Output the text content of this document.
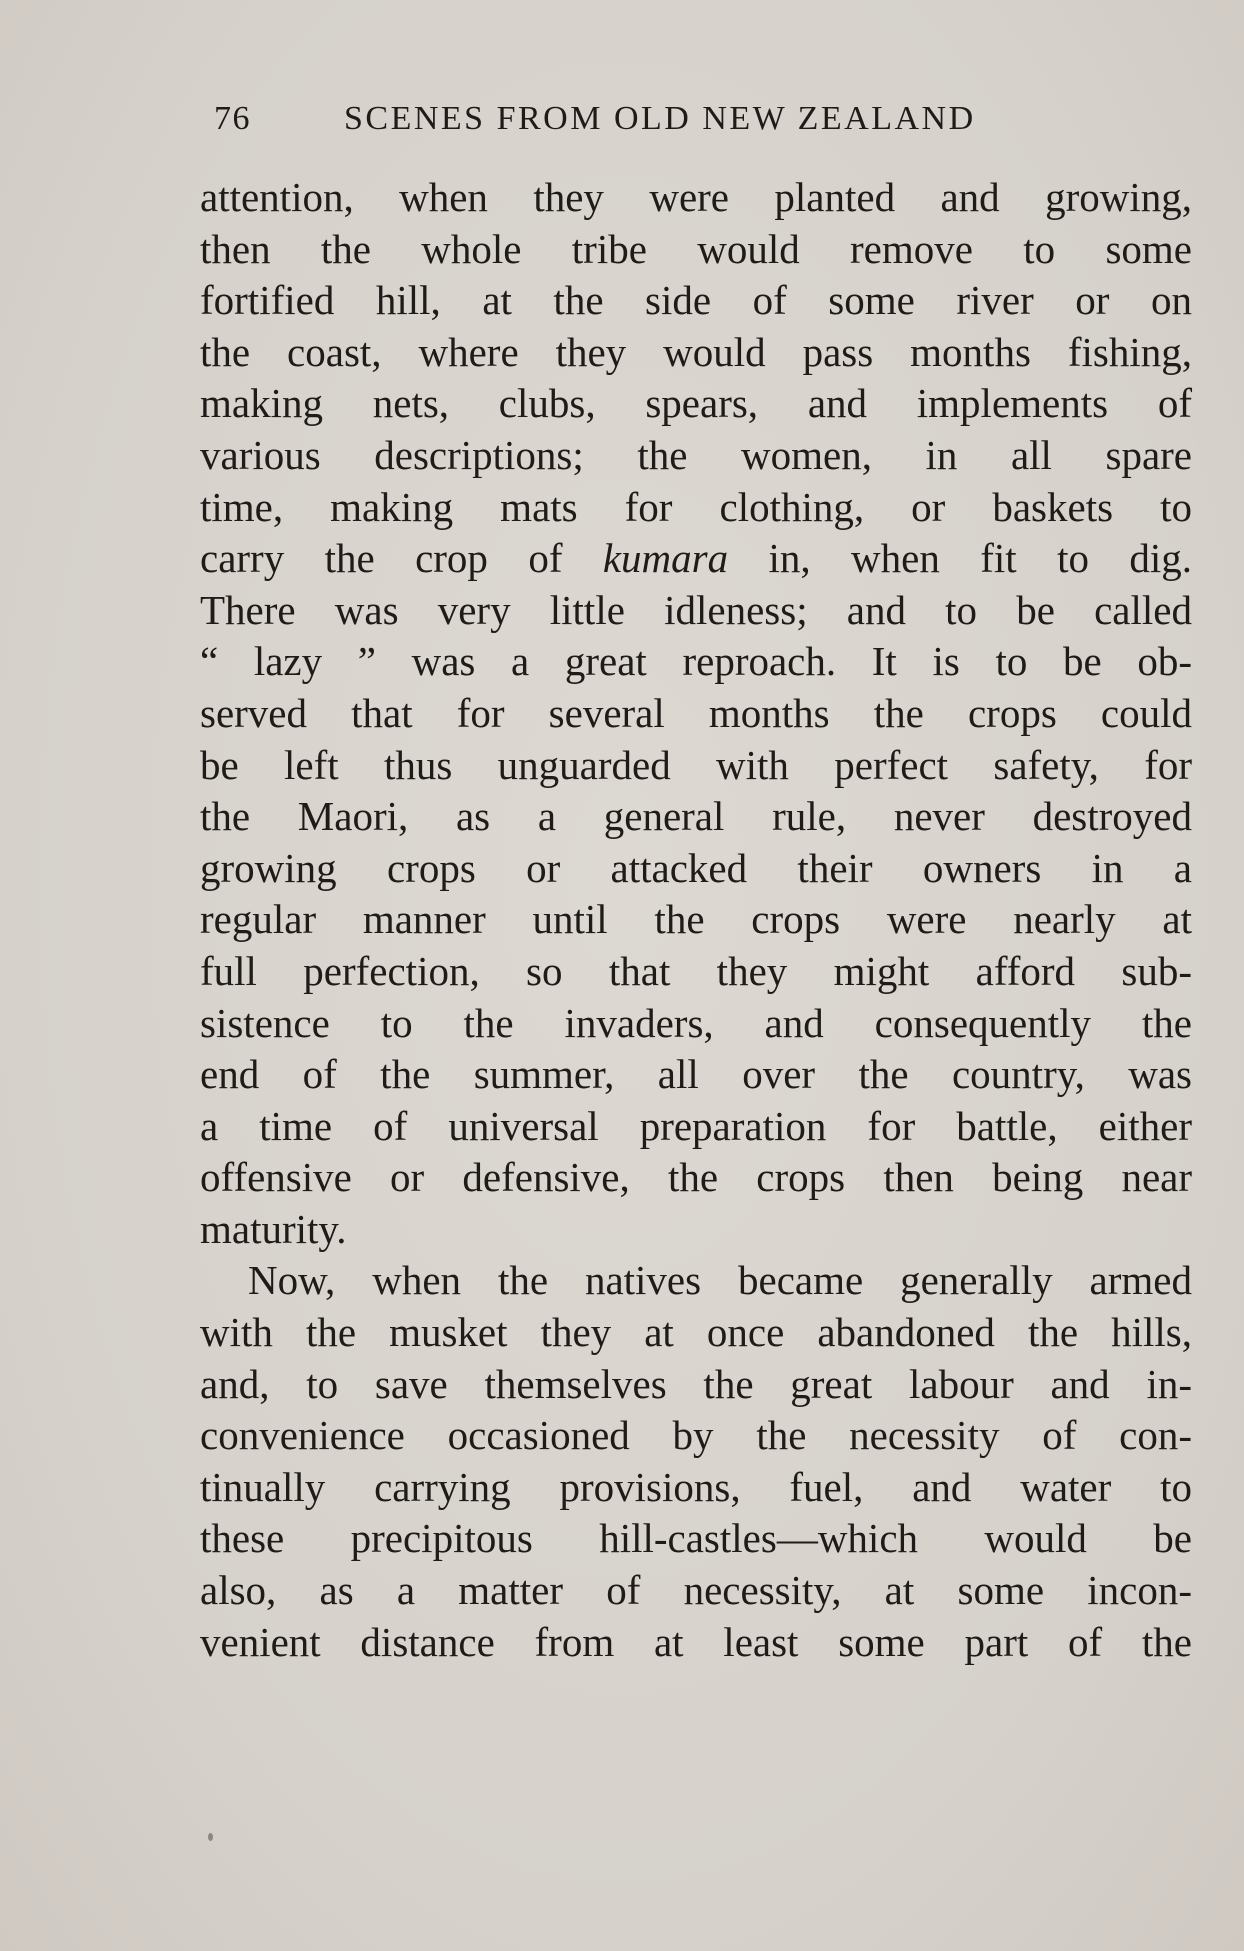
76	SCENES FROM OLD NEW ZEALAND
attention, when they were planted and growing,
then the whole tribe would remove to some
fortified hill, at the side of some river or on
the coast, where they would pass months fishing,
making nets, clubs, spears, and implements of
various descriptions; the women, in all spare
time, making mats for clothing, or baskets to
carry the crop of kumara in, when fit to dig.
There was very little idleness; and to be called
“ lazy ” was a great reproach. It is to be ob-
served that for several months the crops could
be left thus unguarded with perfect safety, for
the Maori, as a general rule, never destroyed
growing crops or attacked their owners in a
regular manner until the crops were nearly at
full perfection, so that they might afford sub-
sistence to the invaders, and consequently the
end of the summer, all over the country, was
a time of universal preparation for battle, either
offensive or defensive, the crops then being near
maturity.
Now, when the natives became generally armed
with the musket they at once abandoned the hills,
and, to save themselves the great labour and in-
convenience occasioned by the necessity of con-
tinually carrying provisions, fuel, and water to
these precipitous hill-castles—which would be
also, as a matter of necessity, at some incon-
venient distance from at least some part of the
